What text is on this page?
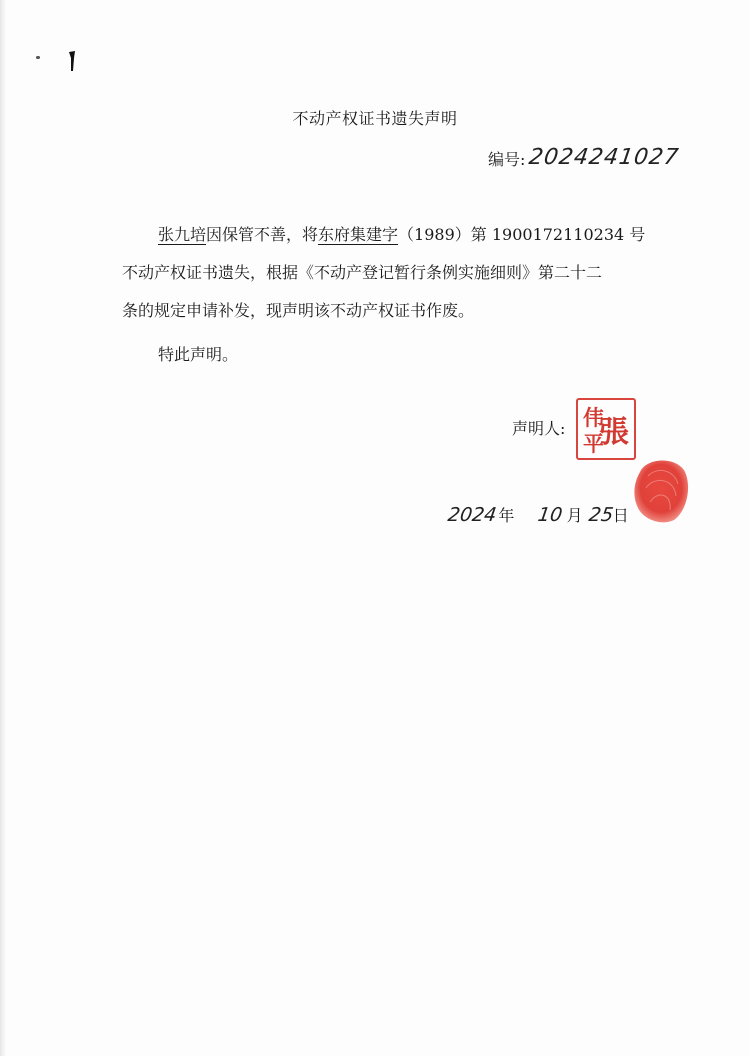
不动产权证书遗失声明
编号: 2024241027
张九培因保管不善，将东府集建字（1989）第 1900172110234 号
不动产权证书遗失，根据《不动产登记暂行条例实施细则》第二十二
条的规定申请补发，现声明该不动产权证书作废。
特此声明。
声明人: 張
伟
平
2024 年 10 月 25
日
